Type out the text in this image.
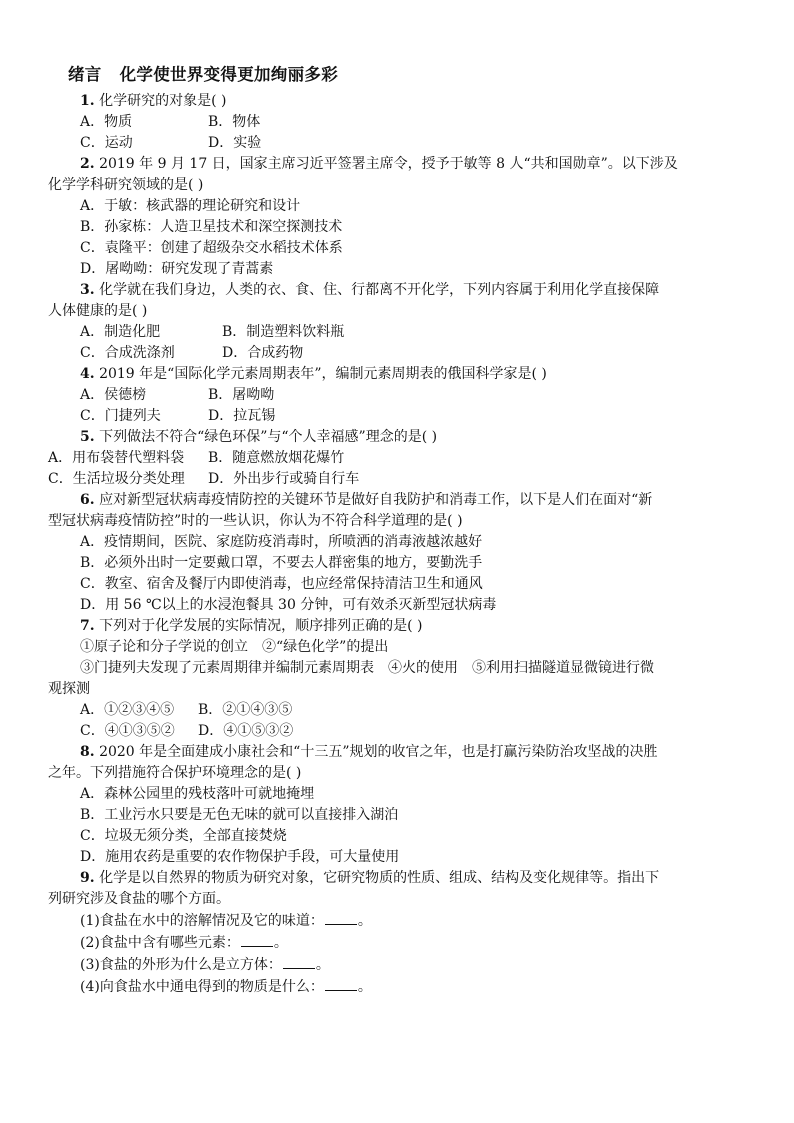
绪言 化学使世界变得更加绚丽多彩
1. 化学研究的对象是( )
A．物质	B．物体
C．运动	D．实验
2. 2019 年 9 月 17 日，国家主席习近平签署主席令，授予于敏等 8 人“共和国勋章”。以下涉及
化学学科研究领域的是( )
A．于敏：核武器的理论研究和设计
B．孙家栋：人造卫星技术和深空探测技术
C．袁隆平：创建了超级杂交水稻技术体系
D．屠呦呦：研究发现了青蒿素
3. 化学就在我们身边，人类的衣、食、住、行都离不开化学，下列内容属于利用化学直接保障
人体健康的是( )
A．制造化肥	B．制造塑料饮料瓶
C．合成洗涤剂	D．合成药物
4. 2019 年是“国际化学元素周期表年”，编制元素周期表的俄国科学家是( )
A．侯德榜	B．屠呦呦
C．门捷列夫	D．拉瓦锡
5. 下列做法不符合“绿色环保”与“个人幸福感”理念的是( )
A．用布袋替代塑料袋 B．随意燃放烟花爆竹
C．生活垃圾分类处理 D．外出步行或骑自行车
6. 应对新型冠状病毒疫情防控的关键环节是做好自我防护和消毒工作，以下是人们在面对“新
型冠状病毒疫情防控”时的一些认识，你认为不符合科学道理的是( )
A．疫情期间，医院、家庭防疫消毒时，所喷洒的消毒液越浓越好
B．必须外出时一定要戴口罩，不要去人群密集的地方，要勤洗手
C．教室、宿舍及餐厅内即使消毒，也应经常保持清洁卫生和通风
D．用 56 ℃以上的水浸泡餐具 30 分钟，可有效杀灭新型冠状病毒
7. 下列对于化学发展的实际情况，顺序排列正确的是( )
①原子论和分子学说的创立　②“绿色化学”的提出
③门捷列夫发现了元素周期律并编制元素周期表　④火的使用　⑤利用扫描隧道显微镜进行微
观探测
A．①②③④⑤ B．②①④③⑤
C．④①③⑤② D．④①⑤③②
8. 2020 年是全面建成小康社会和“十三五”规划的收官之年，也是打赢污染防治攻坚战的决胜
之年。下列措施符合保护环境理念的是( )
A．森林公园里的残枝落叶可就地掩埋
B．工业污水只要是无色无味的就可以直接排入湖泊
C．垃圾无须分类，全部直接焚烧
D．施用农药是重要的农作物保护手段，可大量使用
9. 化学是以自然界的物质为研究对象，它研究物质的性质、组成、结构及变化规律等。指出下
列研究涉及食盐的哪个方面。
(1)食盐在水中的溶解情况及它的味道： 。
(2)食盐中含有哪些元素： 。
(3)食盐的外形为什么是立方体： 。
(4)向食盐水中通电得到的物质是什么： 。
